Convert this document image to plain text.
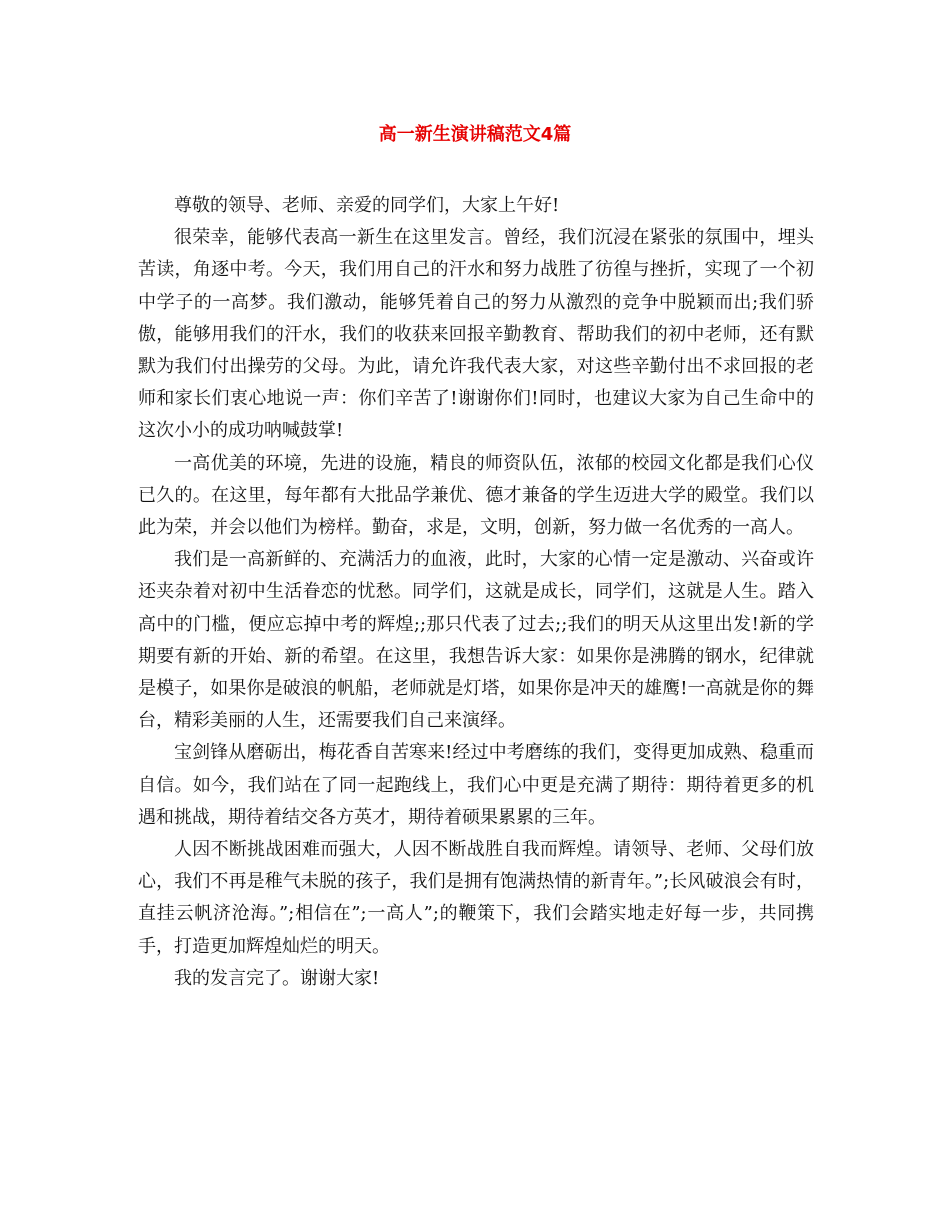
高一新生演讲稿范文4篇

尊敬的领导、老师、亲爱的同学们，大家上午好!

很荣幸，能够代表高一新生在这里发言。曾经，我们沉浸在紧张的氛围中，埋头苦读，角逐中考。今天，我们用自己的汗水和努力战胜了彷徨与挫折，实现了一个初中学子的一高梦。我们激动，能够凭着自己的努力从激烈的竞争中脱颖而出;我们骄傲，能够用我们的汗水，我们的收获来回报辛勤教育、帮助我们的初中老师，还有默默为我们付出操劳的父母。为此，请允许我代表大家，对这些辛勤付出不求回报的老师和家长们衷心地说一声：你们辛苦了!谢谢你们!同时，也建议大家为自己生命中的这次小小的成功呐喊鼓掌!

一高优美的环境，先进的设施，精良的师资队伍，浓郁的校园文化都是我们心仪已久的。在这里，每年都有大批品学兼优、德才兼备的学生迈进大学的殿堂。我们以此为荣，并会以他们为榜样。勤奋，求是，文明，创新，努力做一名优秀的一高人。

我们是一高新鲜的、充满活力的血液，此时，大家的心情一定是激动、兴奋或许还夹杂着对初中生活眷恋的忧愁。同学们，这就是成长，同学们，这就是人生。踏入高中的门槛，便应忘掉中考的辉煌;;那只代表了过去;;我们的明天从这里出发!新的学期要有新的开始、新的希望。在这里，我想告诉大家：如果你是沸腾的钢水，纪律就是模子，如果你是破浪的帆船，老师就是灯塔，如果你是冲天的雄鹰!一高就是你的舞台，精彩美丽的人生，还需要我们自己来演绎。

宝剑锋从磨砺出，梅花香自苦寒来!经过中考磨练的我们，变得更加成熟、稳重而自信。如今，我们站在了同一起跑线上，我们心中更是充满了期待：期待着更多的机遇和挑战，期待着结交各方英才，期待着硕果累累的三年。

人因不断挑战困难而强大，人因不断战胜自我而辉煌。请领导、老师、父母们放心，我们不再是稚气未脱的孩子，我们是拥有饱满热情的新青年。”;长风破浪会有时，直挂云帆济沧海。”;相信在”;一高人”;的鞭策下，我们会踏实地走好每一步，共同携手，打造更加辉煌灿烂的明天。

我的发言完了。谢谢大家!
